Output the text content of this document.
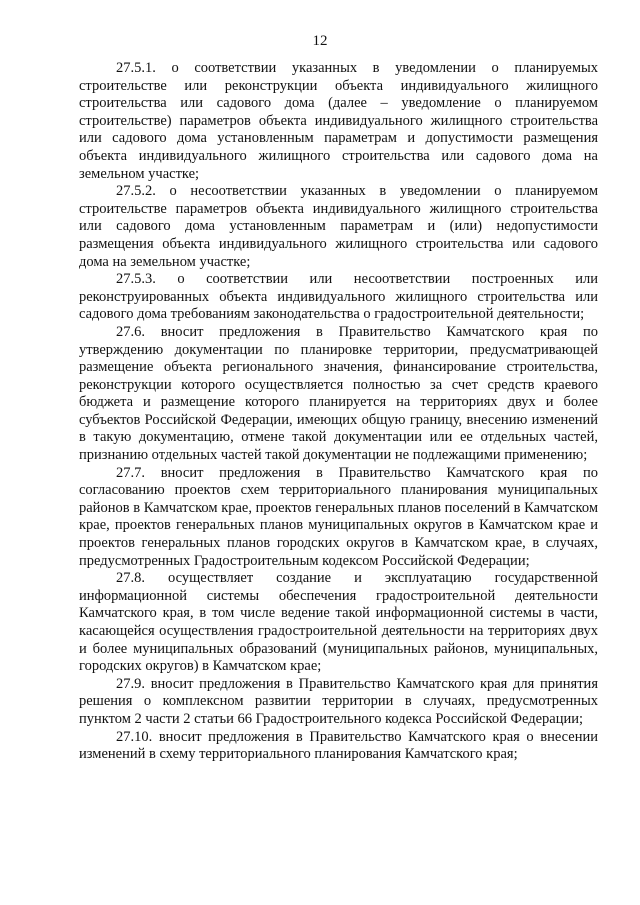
12

27.5.1. о соответствии указанных в уведомлении о планируемых строительстве или реконструкции объекта индивидуального жилищного строительства или садового дома (далее – уведомление о планируемом строительстве) параметров объекта индивидуального жилищного строительства или садового дома установленным параметрам и допустимости размещения объекта индивидуального жилищного строительства или садового дома на земельном участке;

27.5.2. о несоответствии указанных в уведомлении о планируемом строительстве параметров объекта индивидуального жилищного строительства или садового дома установленным параметрам и (или) недопустимости размещения объекта индивидуального жилищного строительства или садового дома на земельном участке;

27.5.3. о соответствии или несоответствии построенных или реконструированных объекта индивидуального жилищного строительства или садового дома требованиям законодательства о градостроительной деятельности;

27.6. вносит предложения в Правительство Камчатского края по утверждению документации по планировке территории, предусматривающей размещение объекта регионального значения, финансирование строительства, реконструкции которого осуществляется полностью за счет средств краевого бюджета и размещение которого планируется на территориях двух и более субъектов Российской Федерации, имеющих общую границу, внесению изменений в такую документацию, отмене такой документации или ее отдельных частей, признанию отдельных частей такой документации не подлежащими применению;

27.7. вносит предложения в Правительство Камчатского края по согласованию проектов схем территориального планирования муниципальных районов в Камчатском крае, проектов генеральных планов поселений в Камчатском крае, проектов генеральных планов муниципальных округов в Камчатском крае и проектов генеральных планов городских округов в Камчатском крае, в случаях, предусмотренных Градостроительным кодексом Российской Федерации;

27.8. осуществляет создание и эксплуатацию государственной информационной системы обеспечения градостроительной деятельности Камчатского края, в том числе ведение такой информационной системы в части, касающейся осуществления градостроительной деятельности на территориях двух и более муниципальных образований (муниципальных районов, муниципальных, городских округов) в Камчатском крае;

27.9. вносит предложения в Правительство Камчатского края для принятия решения о комплексном развитии территории в случаях, предусмотренных пунктом 2 части 2 статьи 66 Градостроительного кодекса Российской Федерации;

27.10. вносит предложения в Правительство Камчатского края о внесении изменений в схему территориального планирования Камчатского края;
